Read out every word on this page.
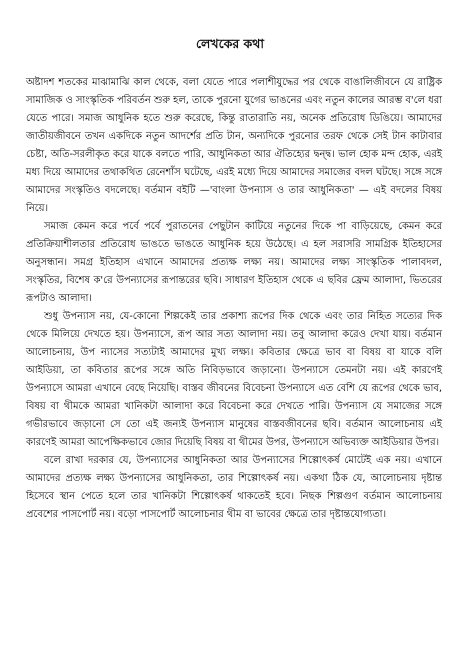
লেখকের কথা

অষ্টাদশ শতকের মাঝামাঝি কাল থেকে, বলা যেতে পারে পলাশীযুদ্ধের পর থেকে বাঙালিজীবনে যে রাষ্ট্রিক সামাজিক ও সাংস্কৃতিক পরিবর্তন শুরু হল, তাকে পুরনো যুগের ভাঙনের এবং নতুন কালের আরম্ভ ব'লে ধরা যেতে পারে। সমাজ আধুনিক হতে শুরু করেছে, কিন্তু রাতারাতি নয়, অনেক প্রতিরোধ ডিঙিয়ে। আমাদের জাতীয়জীবনে তখন একদিকে নতুন আদর্শের প্রতি টান, অন্যদিকে পুরনোর তরফ থেকে সেই টান কাটাবার চেষ্টা, অতি-সরলীকৃত করে যাকে বলতে পারি, আধুনিকতা আর ঐতিহ্যের দ্বন্দ্ব। ভাল হোক মন্দ হোক, এরই মধ্য দিয়ে আমাদের তথাকথিত রেনেশাঁস ঘটেছে, এরই মধ্যে দিয়ে আমাদের সমাজের বদল ঘটছে। সঙ্গে সঙ্গে আমাদের সংস্কৃতিও বদলেছে। বর্তমান বইটি —'বাংলা উপন্যাস ও তার আধুনিকতা' — এই বদলের বিষয় নিয়ে।

সমাজ কেমন করে পর্বে পর্বে পুরাতনের পেছুটান কাটিয়ে নতুনের দিকে পা বাড়িয়েছে, কেমন করে প্রতিক্রিয়াশীলতার প্রতিরোধ ভাঙতে ভাঙতে আধুনিক হয়ে উঠেছে। এ হল সরাসরি সামগ্রিক ইতিহাসের অনুসন্ধান। সমগ্র ইতিহাস এখানে আমাদের প্রত্যক্ষ লক্ষ্য নয়। আমাদের লক্ষ্য সাংস্কৃতিক পালাবদল, সংস্কৃতির, বিশেষ ক'রে উপন্যাসের রূপান্তরের ছবি। সাধারণ ইতিহাস থেকে এ ছবির ফ্রেম আলাদা, ভিতরের রূপটাও আলাদা।

শুধু উপন্যাস নয়, যে-কোনো শিল্পকেই তার প্রকাশ্য রূপের দিক থেকে এবং তার নিহিত সত্যের দিক থেকে মিলিয়ে দেখতে হয়। উপন্যাসে, রূপ আর সত্য আলাদা নয়। তবু আলাদা করেও দেখা যায়। বর্তমান আলোচনায়, উপ ন্যাসের সত্যটাই আমাদের মুখ্য লক্ষ্য। কবিতার ক্ষেত্রে ভাব বা বিষয় বা যাকে বলি আইডিয়া, তা কবিতার রূপের সঙ্গে অতি নিবিড়ভাবে জড়ানো। উপন্যাসে তেমনটা নয়। এই কারণেই উপন্যাসে আমরা এখানে বেছে নিয়েছি। বাস্তব জীবনের বিবেচনা উপন্যাসে এত বেশি যে রূপের থেকে ভাব, বিষয় বা থীমকে আমরা খানিকটা আলাদা করে বিবেচনা করে দেখতে পারি। উপন্যাস যে সমাজের সঙ্গে গভীরভাবে জড়ানো সে তো এই জন্যই উপন্যাস মানুষের বাস্তবজীবনের ছবি। বর্তমান আলোচনায় এই কারণেই আমরা আপেক্ষিকভাবে জোর দিয়েছি বিষয় বা থীমের উপর, উপন্যাসে অভিব্যক্ত আইডিয়ার উপর।

বলে রাখা দরকার যে, উপন্যাসের আধুনিকতা আর উপন্যাসের শিল্পোৎকর্ষ মোটেই এক নয়। এখানে আমাদের প্রত্যক্ষ লক্ষ্য উপন্যাসের আধুনিকতা, তার শিল্পোৎকর্ষ নয়। একথা ঠিক যে, আলোচনায় দৃষ্টান্ত হিসেবে স্থান পেতে হলে তার খানিকটা শিল্পোৎকর্ষ থাকতেই হবে। নিছক শিল্পগুণ বর্তমান আলোচনায় প্রবেশের পাসপোর্ট নয়। বড়ো পাসপোর্ট আলোচনার থীম বা ভাবের ক্ষেত্রে তার দৃষ্টান্তযোগ্যতা।
